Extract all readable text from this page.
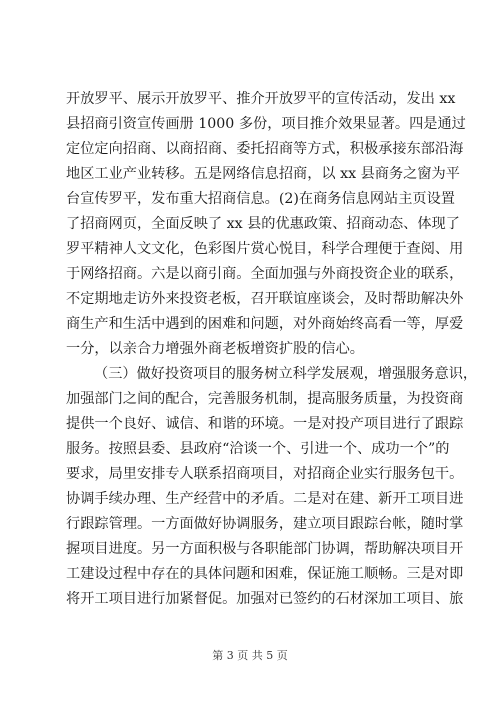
开放罗平、展示开放罗平、推介开放罗平的宣传活动，发出 xx
县招商引资宣传画册 1000 多份，项目推介效果显著。四是通过
定位定向招商、以商招商、委托招商等方式，积极承接东部沿海
地区工业产业转移。五是网络信息招商，以 xx 县商务之窗为平
台宣传罗平，发布重大招商信息。(2)在商务信息网站主页设置
了招商网页，全面反映了 xx 县的优惠政策、招商动态、体现了
罗平精神人文文化，色彩图片赏心悦目，科学合理便于查阅、用
于网络招商。六是以商引商。全面加强与外商投资企业的联系，
不定期地走访外来投资老板，召开联谊座谈会，及时帮助解决外
商生产和生活中遇到的困难和问题，对外商始终高看一等，厚爱
一分，以亲合力增强外商老板增资扩股的信心。
（三）做好投资项目的服务树立科学发展观，增强服务意识，
加强部门之间的配合，完善服务机制，提高服务质量，为投资商
提供一个良好、诚信、和谐的环境。一是对投产项目进行了跟踪
服务。按照县委、县政府“洽谈一个、引进一个、成功一个”的
要求，局里安排专人联系招商项目，对招商企业实行服务包干。
协调手续办理、生产经营中的矛盾。二是对在建、新开工项目进
行跟踪管理。一方面做好协调服务，建立项目跟踪台帐，随时掌
握项目进度。另一方面积极与各职能部门协调，帮助解决项目开
工建设过程中存在的具体问题和困难，保证施工顺畅。三是对即
将开工项目进行加紧督促。加强对已签约的石材深加工项目、旅
第 3 页 共 5 页
